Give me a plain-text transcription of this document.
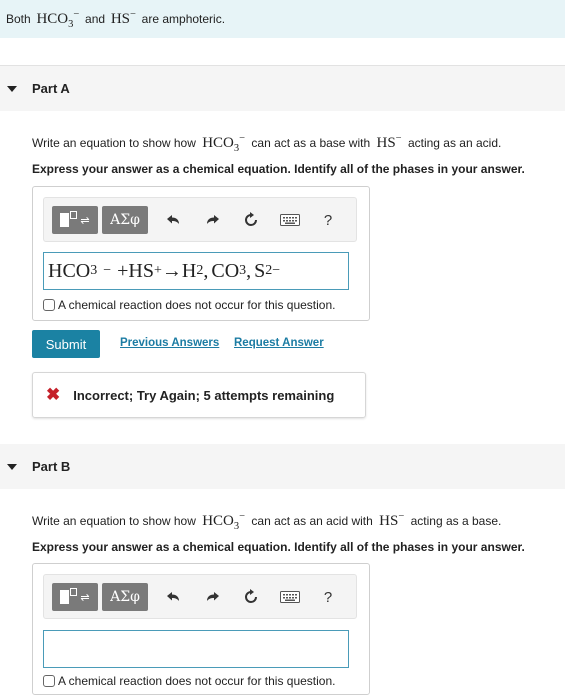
Both $HCO_3^-$ and HS− are amphoteric.
Part A
Write an equation to show how $HCO_3^-$ can act as a base with HS− acting as an acid.
Express your answer as a chemical equation. Identify all of the phases in your answer.
⇌	ΑΣφ	?
HCO 3 − + HS + → H 2 , CO 3 , S 2−
A chemical reaction does not occur for this question.
Submit	Previous Answers Request Answer
✖ Incorrect; Try Again; 5 attempts remaining
Part B
Write an equation to show how $HCO_3^-$ can act as an acid with HS− acting as a base.
Express your answer as a chemical equation. Identify all of the phases in your answer.
⇌	ΑΣφ	?
A chemical reaction does not occur for this question.
